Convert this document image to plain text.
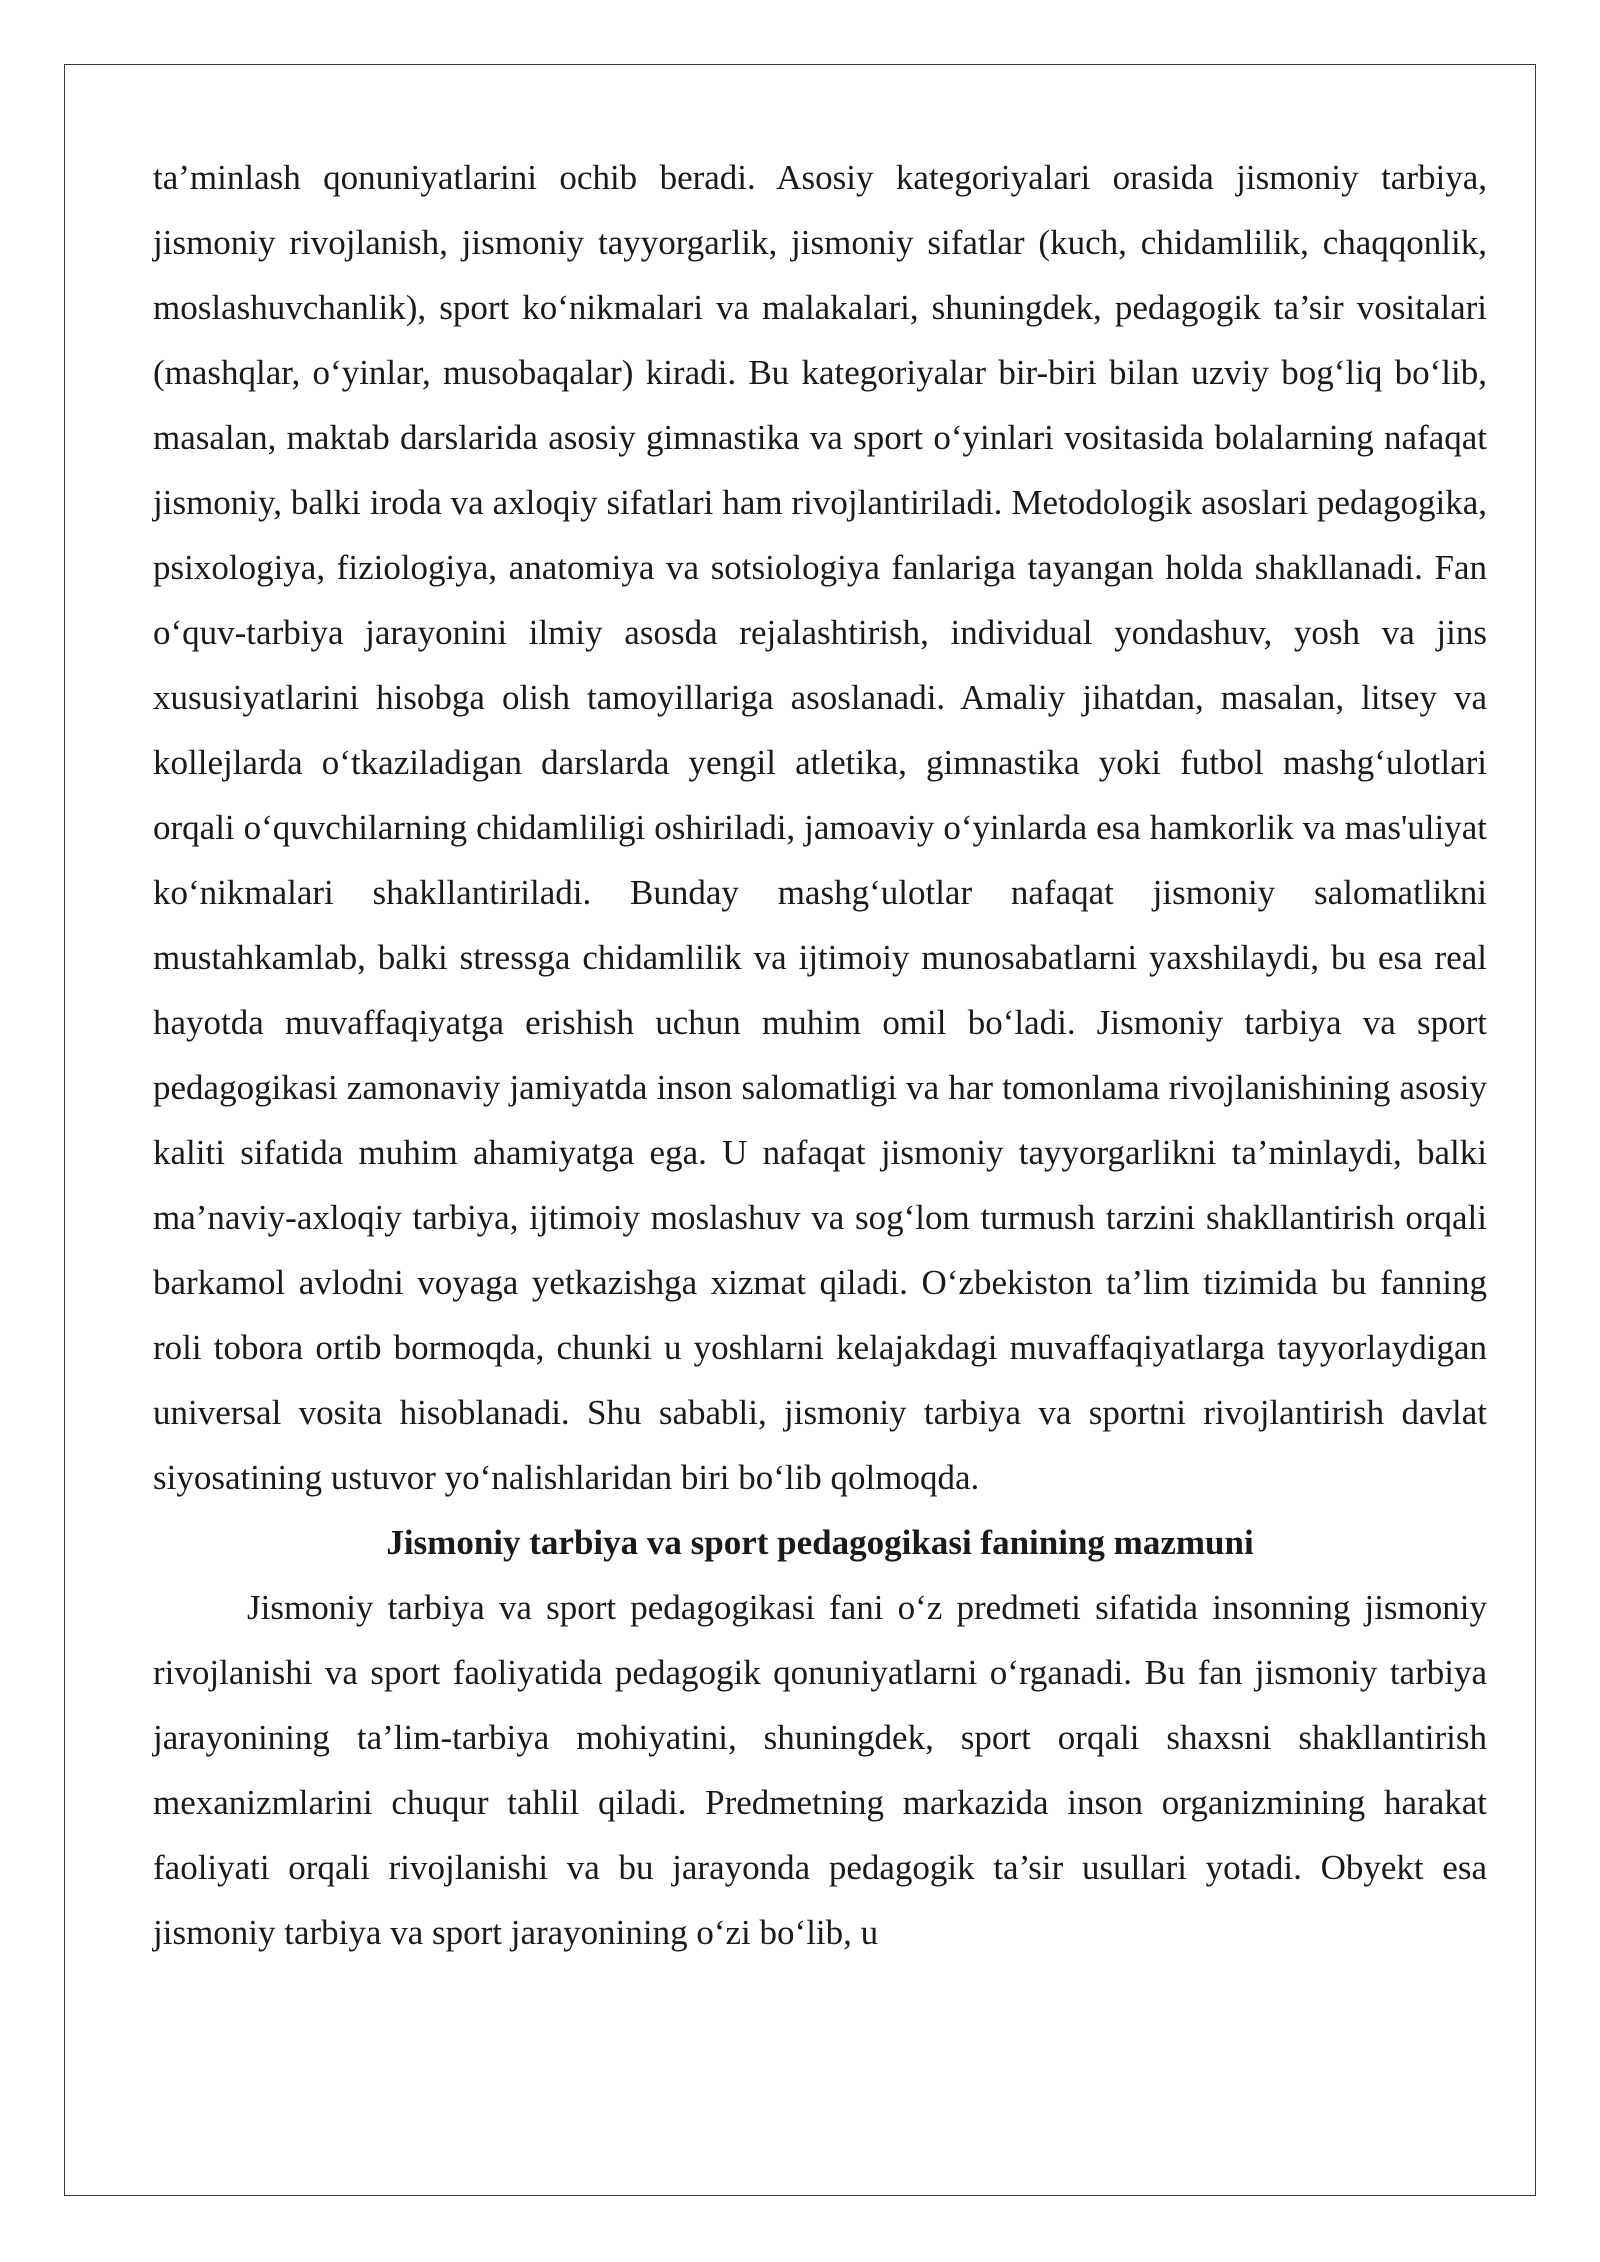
ta’minlash qonuniyatlarini ochib beradi. Asosiy kategoriyalari orasida jismoniy tarbiya, jismoniy rivojlanish, jismoniy tayyorgarlik, jismoniy sifatlar (kuch, chidamlilik, chaqqonlik, moslashuvchanlik), sport ko‘nikmalari va malakalari, shuningdek, pedagogik ta’sir vositalari (mashqlar, o‘yinlar, musobaqalar) kiradi. Bu kategoriyalar bir-biri bilan uzviy bog‘liq bo‘lib, masalan, maktab darslarida asosiy gimnastika va sport o‘yinlari vositasida bolalarning nafaqat jismoniy, balki iroda va axloqiy sifatlari ham rivojlantiriladi. Metodologik asoslari pedagogika, psixologiya, fiziologiya, anatomiya va sotsiologiya fanlariga tayangan holda shakllanadi. Fan o‘quv-tarbiya jarayonini ilmiy asosda rejalashtirish, individual yondashuv, yosh va jins xususiyatlarini hisobga olish tamoyillariga asoslanadi. Amaliy jihatdan, masalan, litsey va kollejlarda o‘tkaziladigan darslarda yengil atletika, gimnastika yoki futbol mashg‘ulotlari orqali o‘quvchilarning chidamliligi oshiriladi, jamoaviy o‘yinlarda esa hamkorlik va mas'uliyat ko‘nikmalari shakllantiriladi. Bunday mashg‘ulotlar nafaqat jismoniy salomatlikni mustahkamlab, balki stressga chidamlilik va ijtimoiy munosabatlarni yaxshilaydi, bu esa real hayotda muvaffaqiyatga erishish uchun muhim omil bo‘ladi. Jismoniy tarbiya va sport pedagogikasi zamonaviy jamiyatda inson salomatligi va har tomonlama rivojlanishining asosiy kaliti sifatida muhim ahamiyatga ega. U nafaqat jismoniy tayyorgarlikni ta’minlaydi, balki ma’naviy-axloqiy tarbiya, ijtimoiy moslashuv va sog‘lom turmush tarzini shakllantirish orqali barkamol avlodni voyaga yetkazishga xizmat qiladi. O‘zbekiston ta’lim tizimida bu fanning roli tobora ortib bormoqda, chunki u yoshlarni kelajakdagi muvaffaqiyatlarga tayyorlaydigan universal vosita hisoblanadi. Shu sababli, jismoniy tarbiya va sportni rivojlantirish davlat siyosatining ustuvor yo‘nalishlaridan biri bo‘lib qolmoqda.

Jismoniy tarbiya va sport pedagogikasi fanining mazmuni

Jismoniy tarbiya va sport pedagogikasi fani o‘z predmeti sifatida insonning jismoniy rivojlanishi va sport faoliyatida pedagogik qonuniyatlarni o‘rganadi. Bu fan jismoniy tarbiya jarayonining ta’lim-tarbiya mohiyatini, shuningdek, sport orqali shaxsni shakllantirish mexanizmlarini chuqur tahlil qiladi. Predmetning markazida inson organizmining harakat faoliyati orqali rivojlanishi va bu jarayonda pedagogik ta’sir usullari yotadi. Obyekt esa jismoniy tarbiya va sport jarayonining o‘zi bo‘lib, u
